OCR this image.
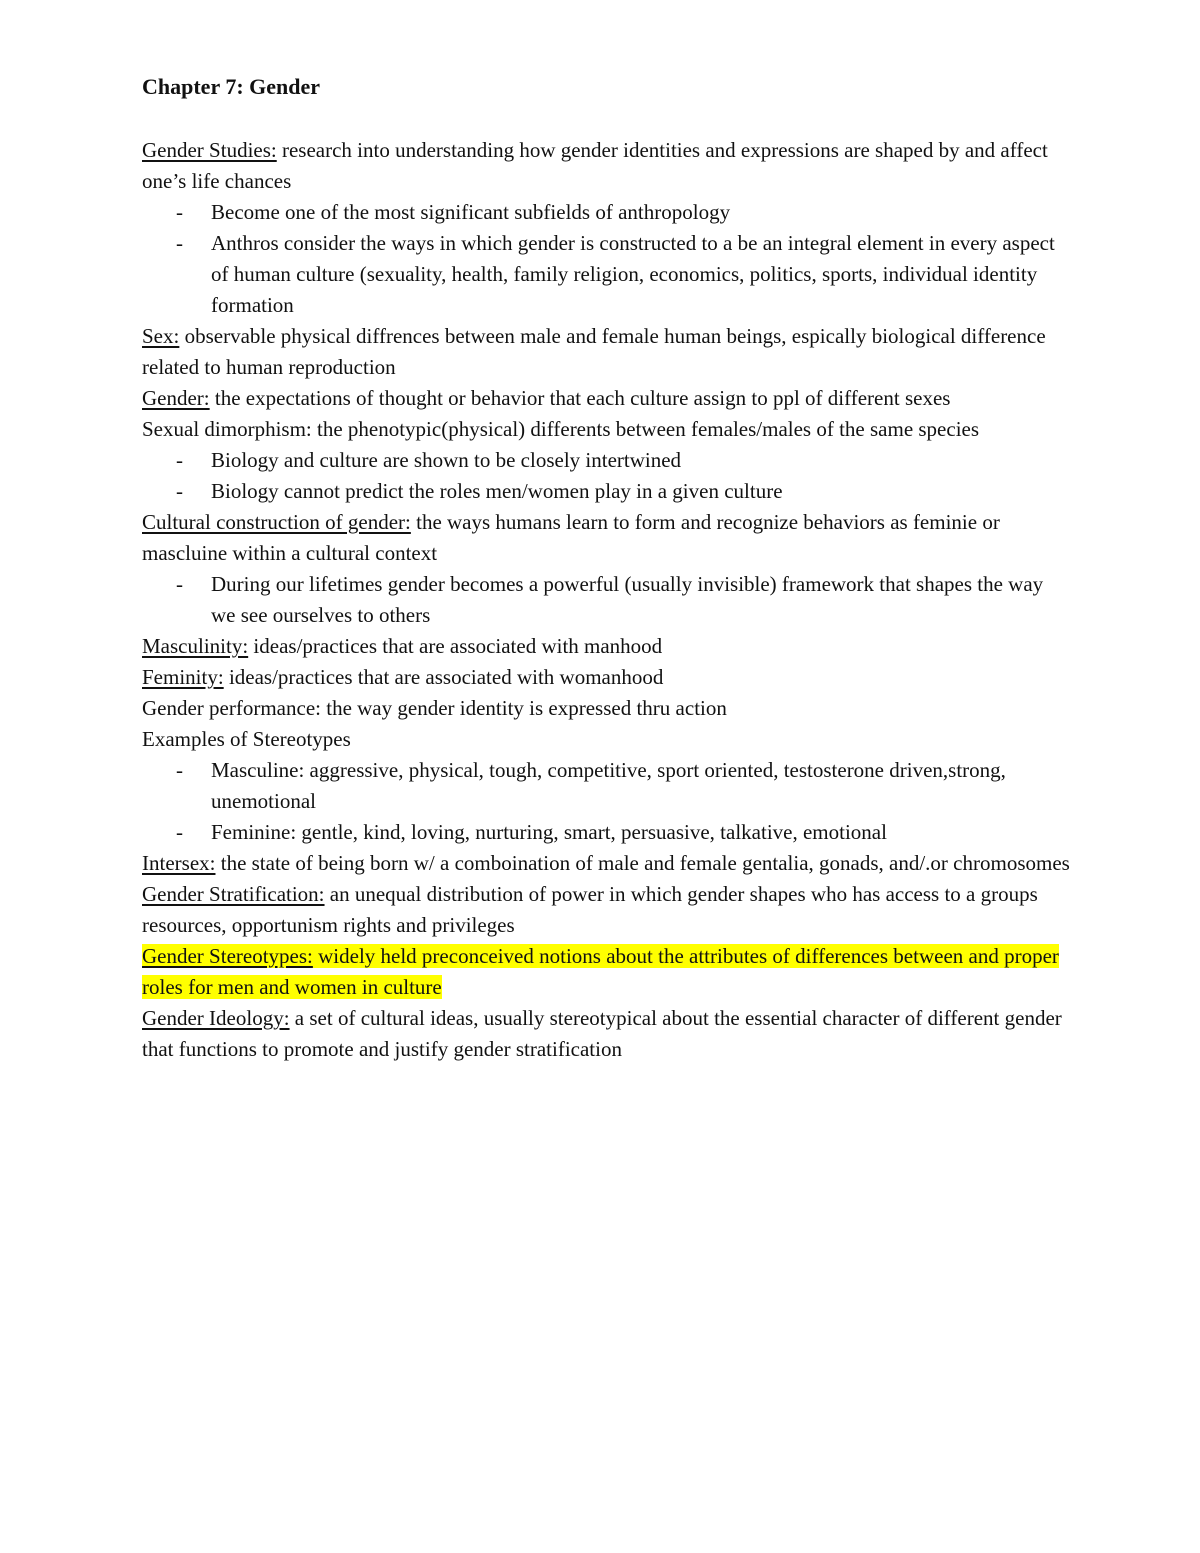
Chapter 7: Gender

Gender Studies: research into understanding how gender identities and expressions are shaped by and affect one’s life chances

- Become one of the most significant subfields of anthropology
- Anthros consider the ways in which gender is constructed to a be an integral element in every aspect of human culture (sexuality, health, family religion, economics, politics, sports, individual identity formation

Sex: observable physical diffrences between male and female human beings, espically biological difference related to human reproduction

Gender: the expectations of thought or behavior that each culture assign to ppl of different sexes

Sexual dimorphism: the phenotypic(physical) differents between females/males of the same species

- Biology and culture are shown to be closely intertwined
- Biology cannot predict the roles men/women play in a given culture

Cultural construction of gender: the ways humans learn to form and recognize behaviors as feminie or mascluine within a cultural context

- During our lifetimes gender becomes a powerful (usually invisible) framework that shapes the way we see ourselves to others

Masculinity: ideas/practices that are associated with manhood

Feminity: ideas/practices that are associated with womanhood

Gender performance: the way gender identity is expressed thru action

Examples of Stereotypes

- Masculine: aggressive, physical, tough, competitive, sport oriented, testosterone driven,strong, unemotional
- Feminine: gentle, kind, loving, nurturing, smart, persuasive, talkative, emotional

Intersex: the state of being born w/ a comboination of male and female gentalia, gonads, and/.or chromosomes

Gender Stratification: an unequal distribution of power in which gender shapes who has access to a groups resources, opportunism rights and privileges

Gender Stereotypes: widely held preconceived notions about the attributes of differences between and proper roles for men and women in culture

Gender Ideology: a set of cultural ideas, usually stereotypical about the essential character of different gender that functions to promote and justify gender stratification
